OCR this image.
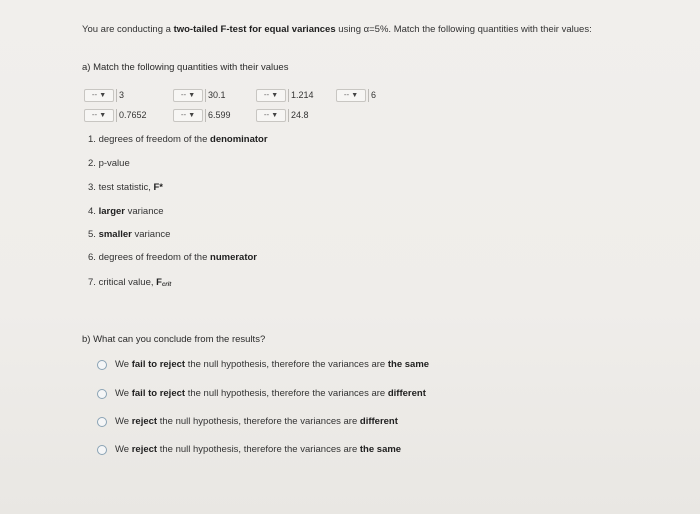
You are conducting a two-tailed F-test for equal variances using α=5%. Match the following quantities with their values:
a) Match the following quantities with their values
-- ▼	3	-- ▼	30.1	-- ▼	1.214	-- ▼	6
-- ▼	0.7652	-- ▼	6.599	-- ▼	24.8
1. degrees of freedom of the denominator
2. p-value
3. test statistic, F*
4. larger variance
5. smaller variance
6. degrees of freedom of the numerator
7. critical value, Fcrit
b) What can you conclude from the results?
We
fail to reject
the null hypothesis, therefore the variances are
the same
We
fail to reject
the null hypothesis, therefore the variances are
different
We
reject
the null hypothesis, therefore the variances are
different
We
reject
the null hypothesis, therefore the variances are
the same
